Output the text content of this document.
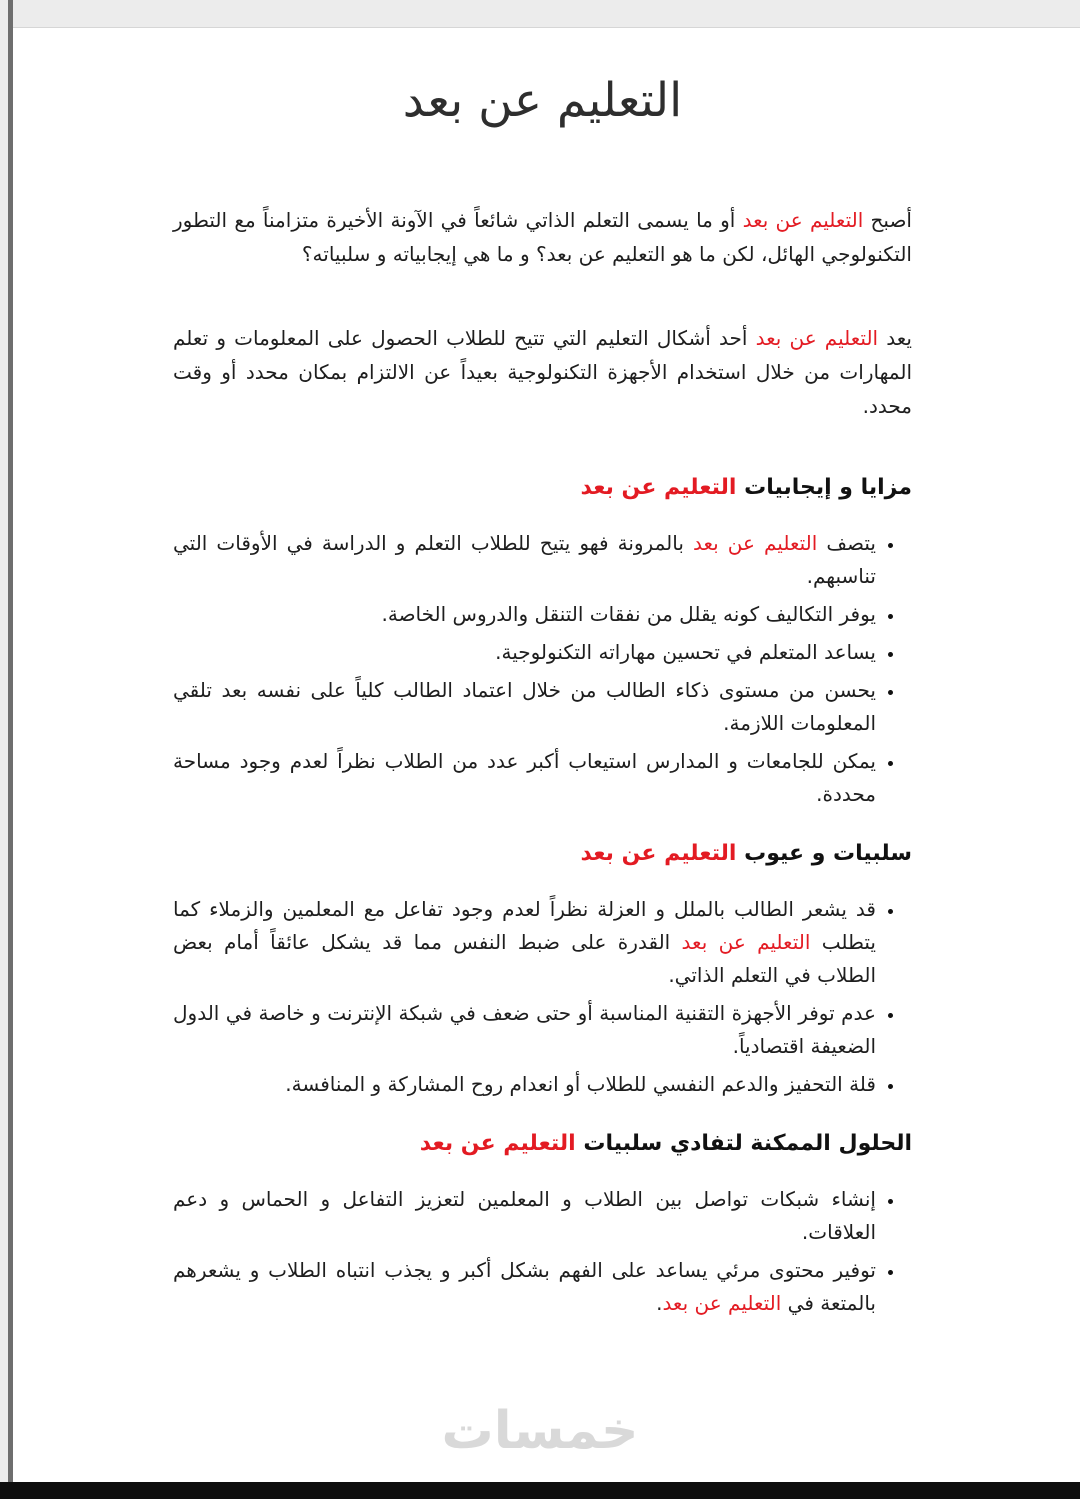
التعليم عن بعد

أصبح التعليم عن بعد أو ما يسمى التعلم الذاتي شائعاً في الآونة الأخيرة متزامناً مع التطور التكنولوجي الهائل، لكن ما هو التعليم عن بعد؟ و ما هي إيجابياته و سلبياته؟

يعد التعليم عن بعد أحد أشكال التعليم التي تتيح للطلاب الحصول على المعلومات و تعلم المهارات من خلال استخدام الأجهزة التكنولوجية بعيداً عن الالتزام بمكان محدد أو وقت محدد.

مزايا و إيجابيات التعليم عن بعد
• يتصف التعليم عن بعد بالمرونة فهو يتيح للطلاب التعلم و الدراسة في الأوقات التي تناسبهم.
• يوفر التكاليف كونه يقلل من نفقات التنقل والدروس الخاصة.
• يساعد المتعلم في تحسين مهاراته التكنولوجية.
• يحسن من مستوى ذكاء الطالب من خلال اعتماد الطالب كلياً على نفسه بعد تلقي المعلومات اللازمة.
• يمكن للجامعات و المدارس استيعاب أكبر عدد من الطلاب نظراً لعدم وجود مساحة محددة.
سلبيات و عيوب التعليم عن بعد
• قد يشعر الطالب بالملل و العزلة نظراً لعدم وجود تفاعل مع المعلمين والزملاء كما يتطلب التعليم عن بعد القدرة على ضبط النفس مما قد يشكل عائقاً أمام بعض الطلاب في التعلم الذاتي.
• عدم توفر الأجهزة التقنية المناسبة أو حتى ضعف في شبكة الإنترنت و خاصة في الدول الضعيفة اقتصادياً.
• قلة التحفيز والدعم النفسي للطلاب أو انعدام روح المشاركة و المنافسة.
الحلول الممكنة لتفادي سلبيات التعليم عن بعد
• إنشاء شبكات تواصل بين الطلاب و المعلمين لتعزيز التفاعل و الحماس و دعم العلاقات.
• توفير محتوى مرئي يساعد على الفهم بشكل أكبر و يجذب انتباه الطلاب و يشعرهم بالمتعة في التعليم عن بعد.
خمسات
